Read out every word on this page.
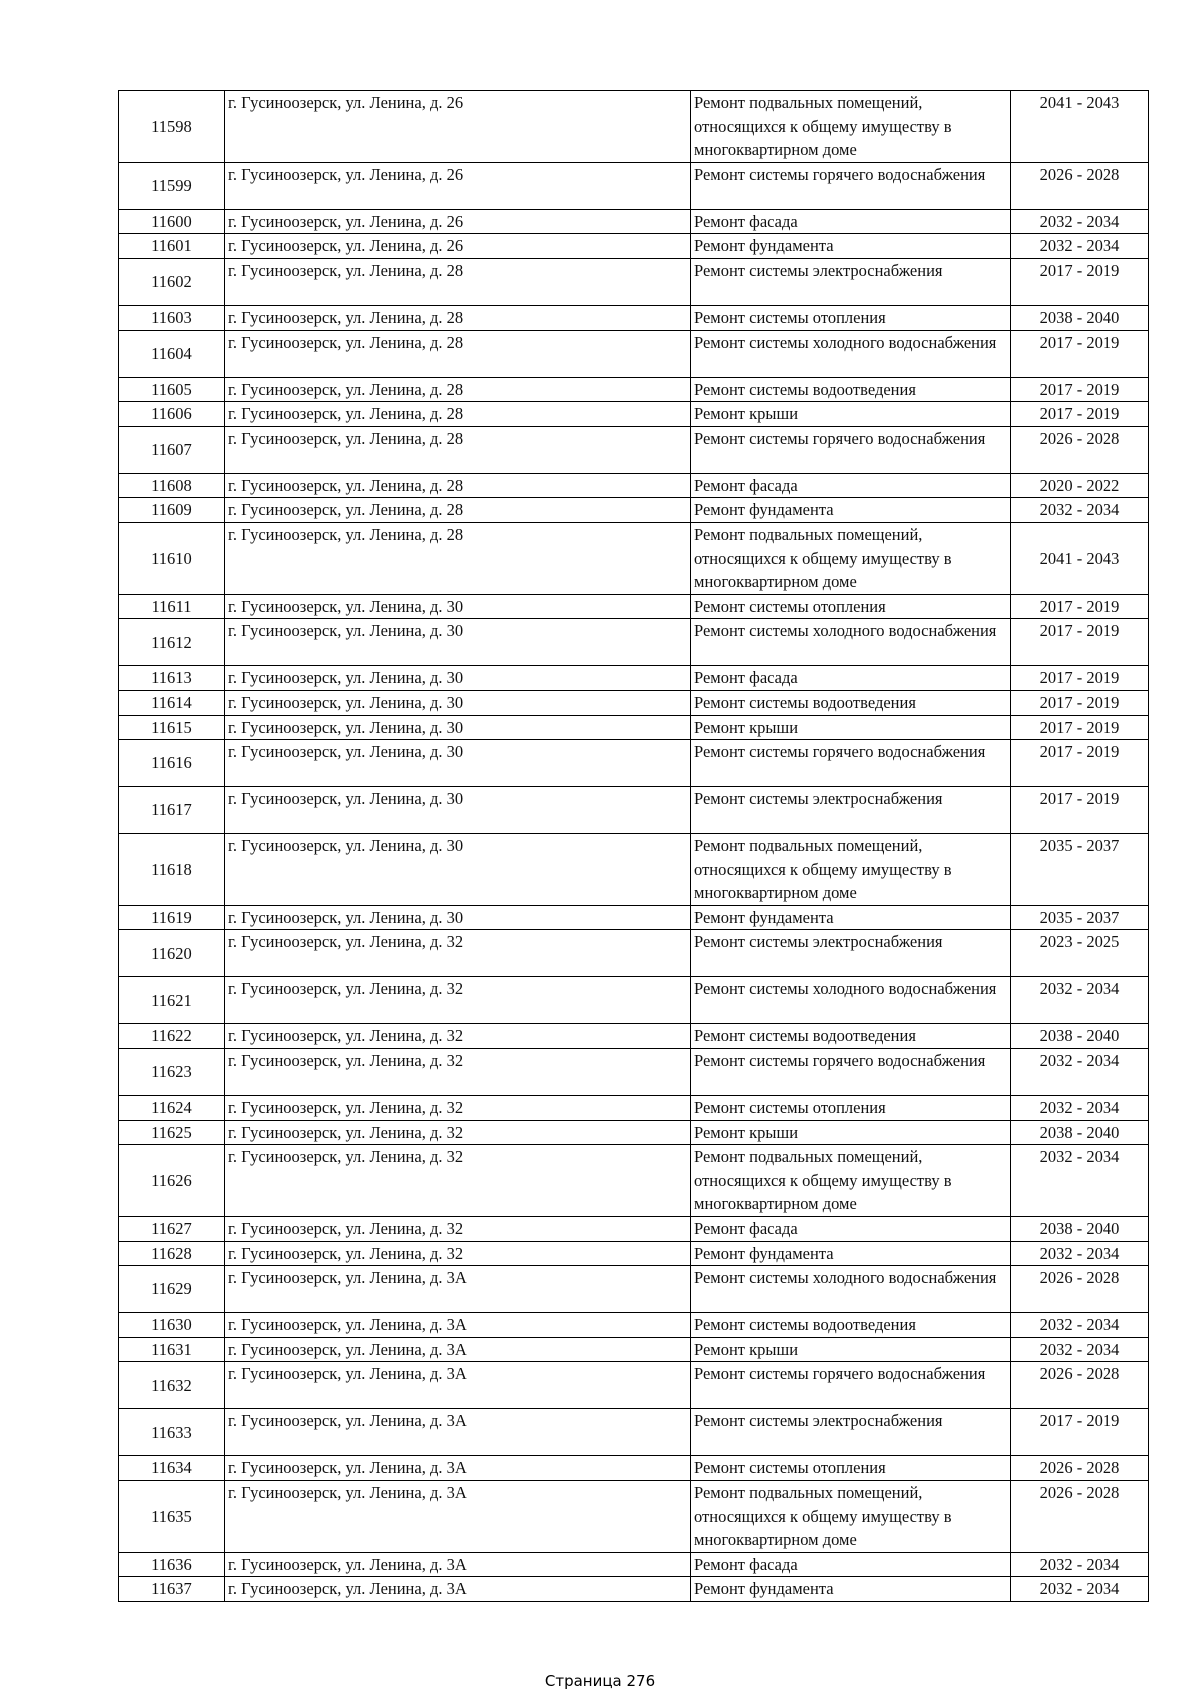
11598	г. Гусиноозерск, ул. Ленина, д. 26	Ремонт подвальных помещений, относящихся к общему имуществу в многоквартирном доме	2041 - 2043
11599	г. Гусиноозерск, ул. Ленина, д. 26	Ремонт системы горячего водоснабжения	2026 - 2028
11600	г. Гусиноозерск, ул. Ленина, д. 26	Ремонт фасада	2032 - 2034
11601	г. Гусиноозерск, ул. Ленина, д. 26	Ремонт фундамента	2032 - 2034
11602	г. Гусиноозерск, ул. Ленина, д. 28	Ремонт системы электроснабжения	2017 - 2019
11603	г. Гусиноозерск, ул. Ленина, д. 28	Ремонт системы отопления	2038 - 2040
11604	г. Гусиноозерск, ул. Ленина, д. 28	Ремонт системы холодного водоснабжения	2017 - 2019
11605	г. Гусиноозерск, ул. Ленина, д. 28	Ремонт системы водоотведения	2017 - 2019
11606	г. Гусиноозерск, ул. Ленина, д. 28	Ремонт крыши	2017 - 2019
11607	г. Гусиноозерск, ул. Ленина, д. 28	Ремонт системы горячего водоснабжения	2026 - 2028
11608	г. Гусиноозерск, ул. Ленина, д. 28	Ремонт фасада	2020 - 2022
11609	г. Гусиноозерск, ул. Ленина, д. 28	Ремонт фундамента	2032 - 2034
11610	г. Гусиноозерск, ул. Ленина, д. 28	Ремонт подвальных помещений, относящихся к общему имуществу в многоквартирном доме	2041 - 2043
11611	г. Гусиноозерск, ул. Ленина, д. 30	Ремонт системы отопления	2017 - 2019
11612	г. Гусиноозерск, ул. Ленина, д. 30	Ремонт системы холодного водоснабжения	2017 - 2019
11613	г. Гусиноозерск, ул. Ленина, д. 30	Ремонт фасада	2017 - 2019
11614	г. Гусиноозерск, ул. Ленина, д. 30	Ремонт системы водоотведения	2017 - 2019
11615	г. Гусиноозерск, ул. Ленина, д. 30	Ремонт крыши	2017 - 2019
11616	г. Гусиноозерск, ул. Ленина, д. 30	Ремонт системы горячего водоснабжения	2017 - 2019
11617	г. Гусиноозерск, ул. Ленина, д. 30	Ремонт системы электроснабжения	2017 - 2019
11618	г. Гусиноозерск, ул. Ленина, д. 30	Ремонт подвальных помещений, относящихся к общему имуществу в многоквартирном доме	2035 - 2037
11619	г. Гусиноозерск, ул. Ленина, д. 30	Ремонт фундамента	2035 - 2037
11620	г. Гусиноозерск, ул. Ленина, д. 32	Ремонт системы электроснабжения	2023 - 2025
11621	г. Гусиноозерск, ул. Ленина, д. 32	Ремонт системы холодного водоснабжения	2032 - 2034
11622	г. Гусиноозерск, ул. Ленина, д. 32	Ремонт системы водоотведения	2038 - 2040
11623	г. Гусиноозерск, ул. Ленина, д. 32	Ремонт системы горячего водоснабжения	2032 - 2034
11624	г. Гусиноозерск, ул. Ленина, д. 32	Ремонт системы отопления	2032 - 2034
11625	г. Гусиноозерск, ул. Ленина, д. 32	Ремонт крыши	2038 - 2040
11626	г. Гусиноозерск, ул. Ленина, д. 32	Ремонт подвальных помещений, относящихся к общему имуществу в многоквартирном доме	2032 - 2034
11627	г. Гусиноозерск, ул. Ленина, д. 32	Ремонт фасада	2038 - 2040
11628	г. Гусиноозерск, ул. Ленина, д. 32	Ремонт фундамента	2032 - 2034
11629	г. Гусиноозерск, ул. Ленина, д. 3А	Ремонт системы холодного водоснабжения	2026 - 2028
11630	г. Гусиноозерск, ул. Ленина, д. 3А	Ремонт системы водоотведения	2032 - 2034
11631	г. Гусиноозерск, ул. Ленина, д. 3А	Ремонт крыши	2032 - 2034
11632	г. Гусиноозерск, ул. Ленина, д. 3А	Ремонт системы горячего водоснабжения	2026 - 2028
11633	г. Гусиноозерск, ул. Ленина, д. 3А	Ремонт системы электроснабжения	2017 - 2019
11634	г. Гусиноозерск, ул. Ленина, д. 3А	Ремонт системы отопления	2026 - 2028
11635	г. Гусиноозерск, ул. Ленина, д. 3А	Ремонт подвальных помещений, относящихся к общему имуществу в многоквартирном доме	2026 - 2028
11636	г. Гусиноозерск, ул. Ленина, д. 3А	Ремонт фасада	2032 - 2034
11637	г. Гусиноозерск, ул. Ленина, д. 3А	Ремонт фундамента	2032 - 2034
Страница 276
